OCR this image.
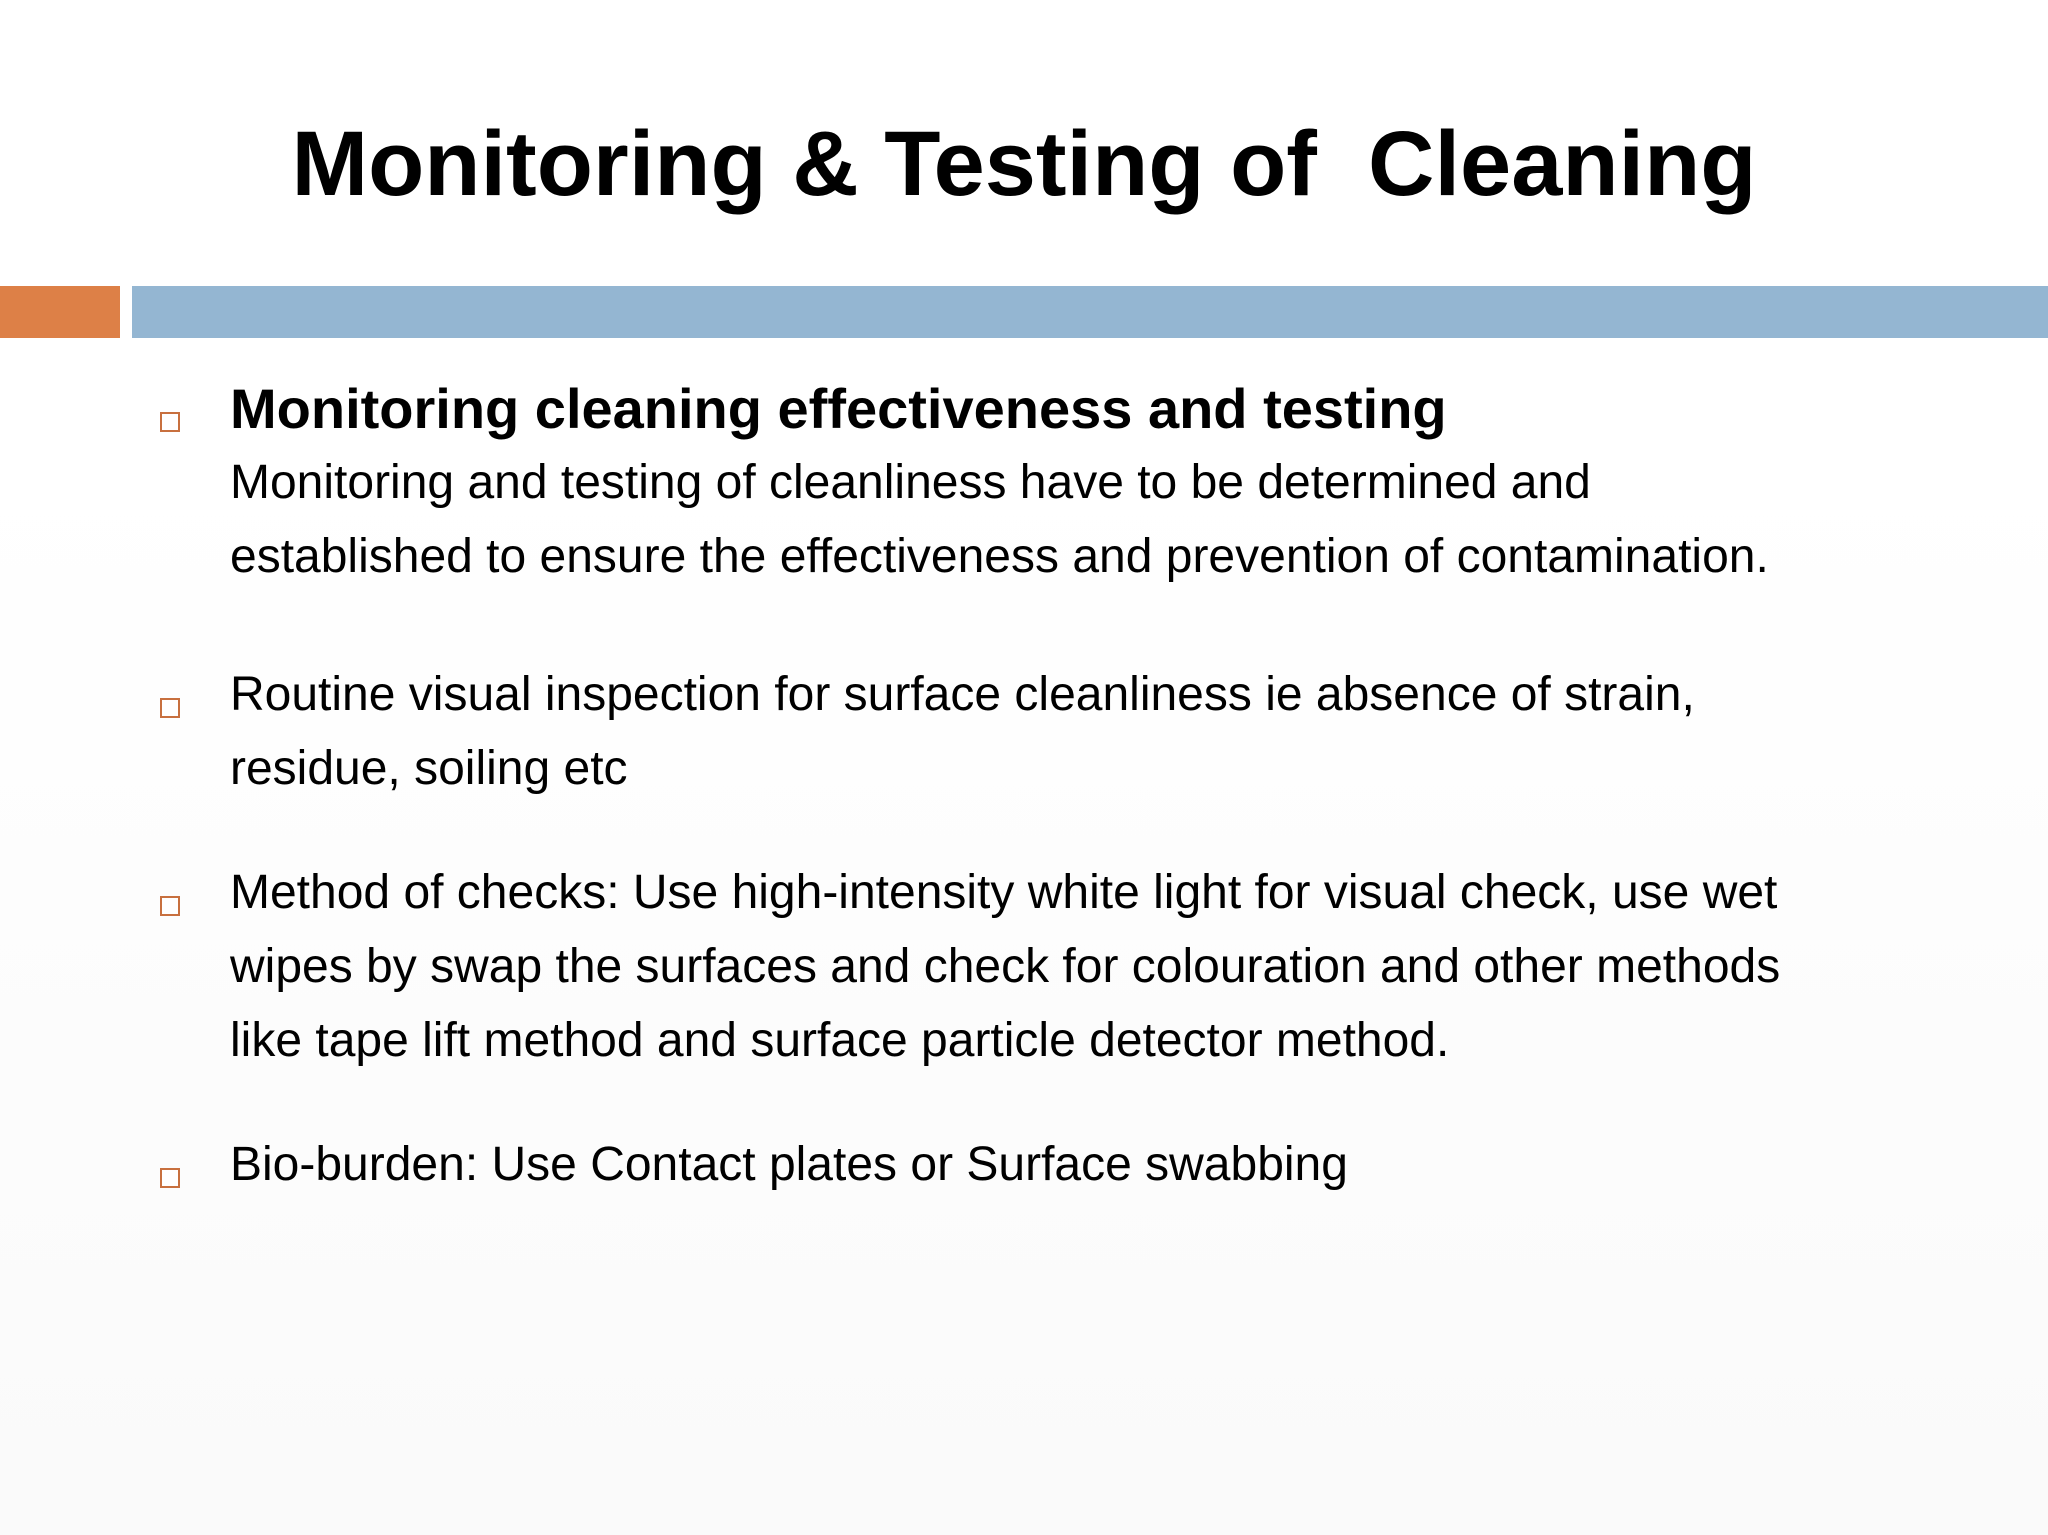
Monitoring & Testing of  Cleaning
Monitoring cleaning effectiveness and testing
Monitoring and testing of cleanliness have to be determined and
established to ensure the effectiveness and prevention of contamination.
Routine visual inspection for surface cleanliness ie absence of strain,
residue, soiling etc
Method of checks: Use high-intensity white light for visual check, use wet
wipes by swap the surfaces and check for colouration and other methods
like tape lift method and surface particle detector method.
Bio-burden: Use Contact plates or Surface swabbing
